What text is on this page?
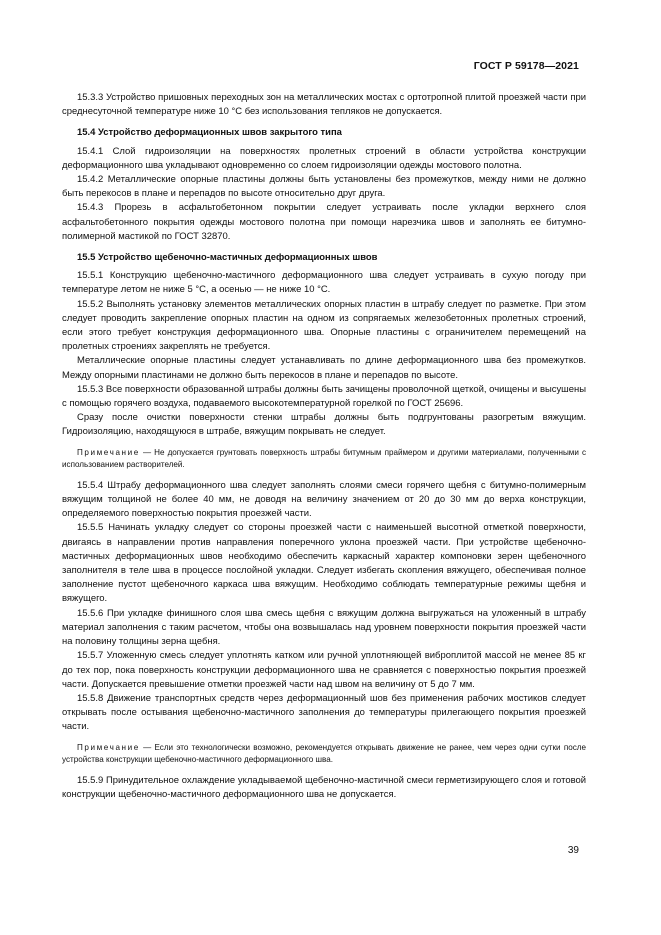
ГОСТ Р 59178—2021

15.3.3 Устройство пришовных переходных зон на металлических мостах с ортотропной плитой проезжей части при среднесуточной температуре ниже 10 °С без использования тепляков не допускается.

15.4 Устройство деформационных швов закрытого типа

15.4.1 Слой гидроизоляции на поверхностях пролетных строений в области устройства конструкции деформационного шва укладывают одновременно со слоем гидроизоляции одежды мостового полотна.

15.4.2 Металлические опорные пластины должны быть установлены без промежутков, между ними не должно быть перекосов в плане и перепадов по высоте относительно друг друга.

15.4.3 Прорезь в асфальтобетонном покрытии следует устраивать после укладки верхнего слоя асфальтобетонного покрытия одежды мостового полотна при помощи нарезчика швов и заполнять ее битумно-полимерной мастикой по ГОСТ 32870.

15.5 Устройство щебеночно-мастичных деформационных швов

15.5.1 Конструкцию щебеночно-мастичного деформационного шва следует устраивать в сухую погоду при температуре летом не ниже 5 °С, а осенью — не ниже 10 °С.

15.5.2 Выполнять установку элементов металлических опорных пластин в штрабу следует по разметке. При этом следует проводить закрепление опорных пластин на одном из сопрягаемых железобетонных пролетных строений, если этого требует конструкция деформационного шва. Опорные пластины с ограничителем перемещений на пролетных строениях закреплять не требуется.

Металлические опорные пластины следует устанавливать по длине деформационного шва без промежутков. Между опорными пластинами не должно быть перекосов в плане и перепадов по высоте.

15.5.3 Все поверхности образованной штрабы должны быть зачищены проволочной щеткой, очищены и высушены с помощью горячего воздуха, подаваемого высокотемпературной горелкой по ГОСТ 25696.

Сразу после очистки поверхности стенки штрабы должны быть подгрунтованы разогретым вяжущим. Гидроизоляцию, находящуюся в штрабе, вяжущим покрывать не следует.

Примечание — Не допускается грунтовать поверхность штрабы битумным праймером и другими материалами, полученными с использованием растворителей.

15.5.4 Штрабу деформационного шва следует заполнять слоями смеси горячего щебня с битумно-полимерным вяжущим толщиной не более 40 мм, не доводя на величину значением от 20 до 30 мм до верха конструкции, определяемого поверхностью покрытия проезжей части.

15.5.5 Начинать укладку следует со стороны проезжей части с наименьшей высотной отметкой поверхности, двигаясь в направлении против направления поперечного уклона проезжей части. При устройстве щебеночно-мастичных деформационных швов необходимо обеспечить каркасный характер компоновки зерен щебеночного заполнителя в теле шва в процессе послойной укладки. Следует избегать скопления вяжущего, обеспечивая полное заполнение пустот щебеночного каркаса шва вяжущим. Необходимо соблюдать температурные режимы щебня и вяжущего.

15.5.6 При укладке финишного слоя шва смесь щебня с вяжущим должна выгружаться на уложенный в штрабу материал заполнения с таким расчетом, чтобы она возвышалась над уровнем поверхности покрытия проезжей части на половину толщины зерна щебня.

15.5.7 Уложенную смесь следует уплотнять катком или ручной уплотняющей виброплитой массой не менее 85 кг до тех пор, пока поверхность конструкции деформационного шва не сравняется с поверхностью покрытия проезжей части. Допускается превышение отметки проезжей части над швом на величину от 5 до 7 мм.

15.5.8 Движение транспортных средств через деформационный шов без применения рабочих мостиков следует открывать после остывания щебеночно-мастичного заполнения до температуры прилегающего покрытия проезжей части.

Примечание — Если это технологически возможно, рекомендуется открывать движение не ранее, чем через одни сутки после устройства конструкции щебеночно-мастичного деформационного шва.

15.5.9 Принудительное охлаждение укладываемой щебеночно-мастичной смеси герметизирующего слоя и готовой конструкции щебеночно-мастичного деформационного шва не допускается.

39
